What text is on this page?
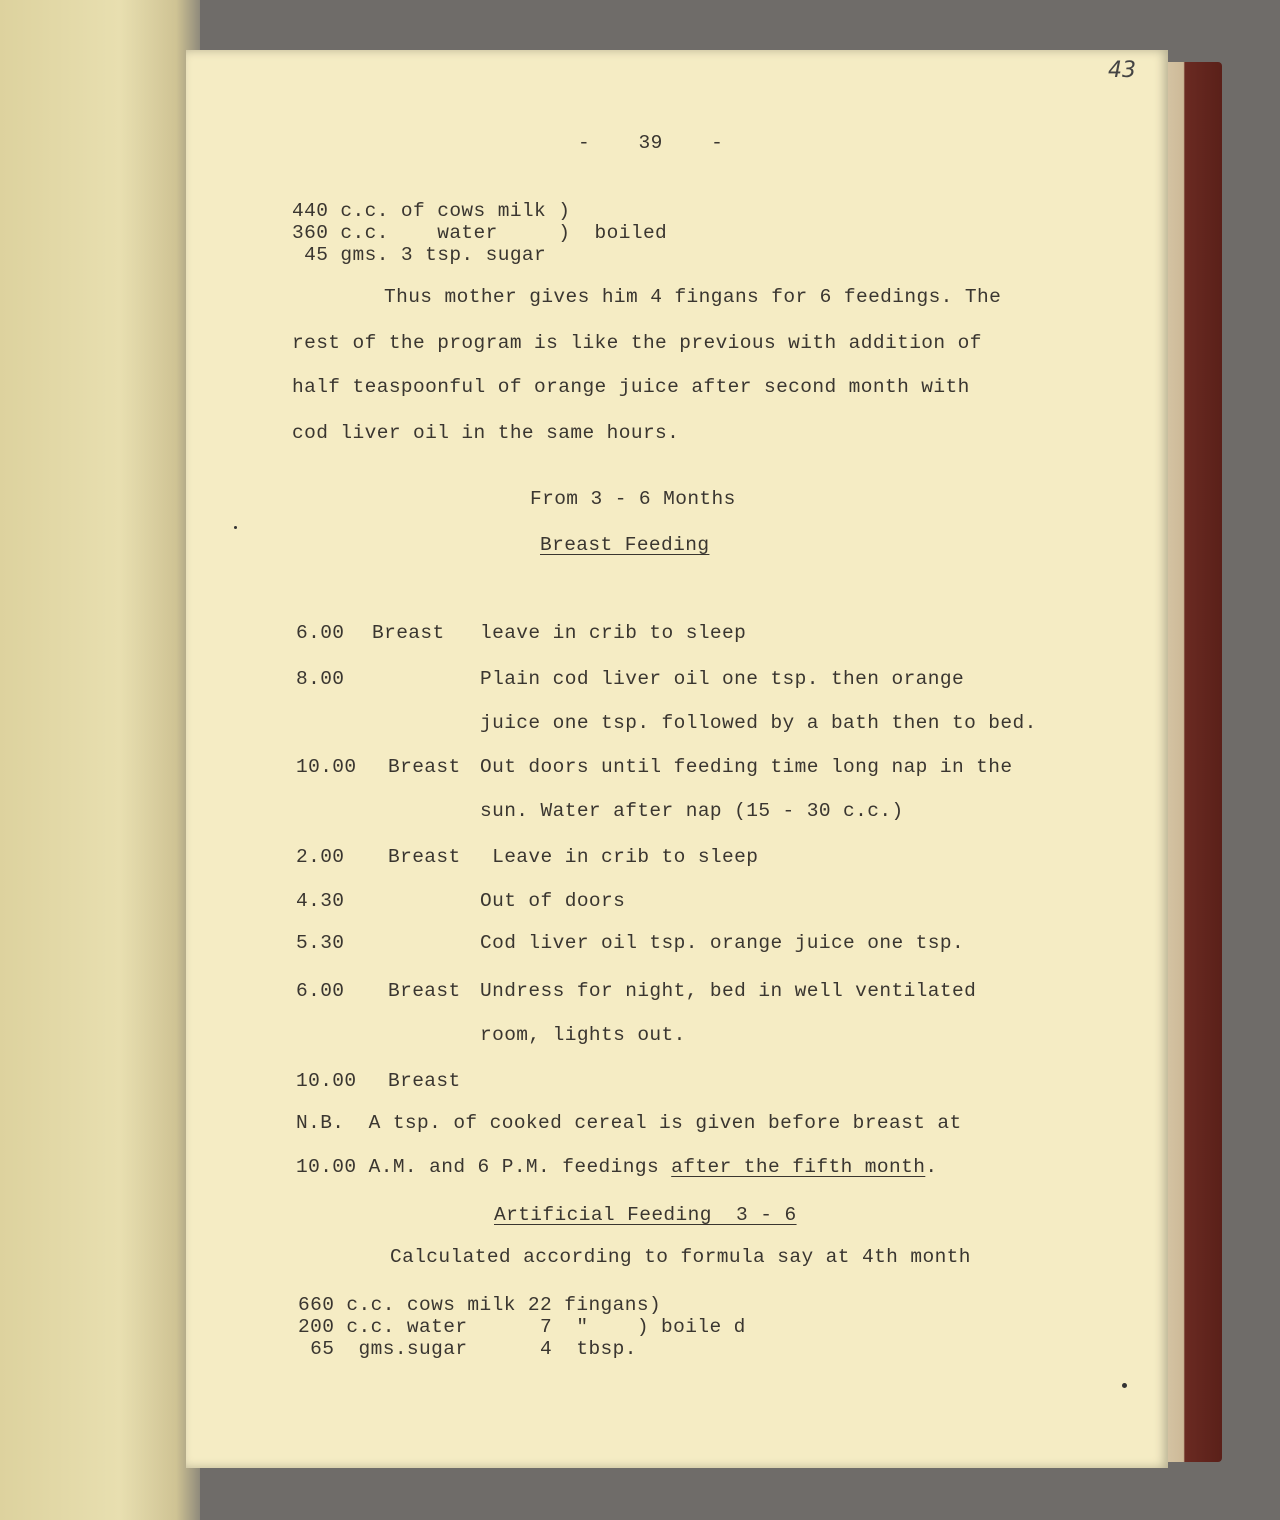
43
-    39    -
440 c.c. of cows milk )
360 c.c.    water     )  boiled
45 gms. 3 tsp. sugar
Thus mother gives him 4 fingans for 6 feedings. The
rest of the program is like the previous with addition of
half teaspoonful of orange juice after second month with
cod liver oil in the same hours.
From 3 - 6 Months
Breast Feeding
6.00 Breast leave in crib to sleep
8.00	Plain cod liver oil one tsp. then orange
juice one tsp. followed by a bath then to bed.
10.00 Breast Out doors until feeding time long nap in the
sun. Water after nap (15 - 30 c.c.)
2.00 Breast Leave in crib to sleep
4.30	Out of doors
5.30	Cod liver oil tsp. orange juice one tsp.
6.00 Breast Undress for night, bed in well ventilated
room, lights out.
10.00 Breast
N.B.  A tsp. of cooked cereal is given before breast at
10.00 A.M. and 6 P.M. feedings after the fifth month.
Artificial Feeding  3 - 6
Calculated according to formula say at 4th month
660 c.c. cows milk 22 fingans)
200 c.c. water      7  "    ) boile d
65  gms.sugar      4  tbsp.
